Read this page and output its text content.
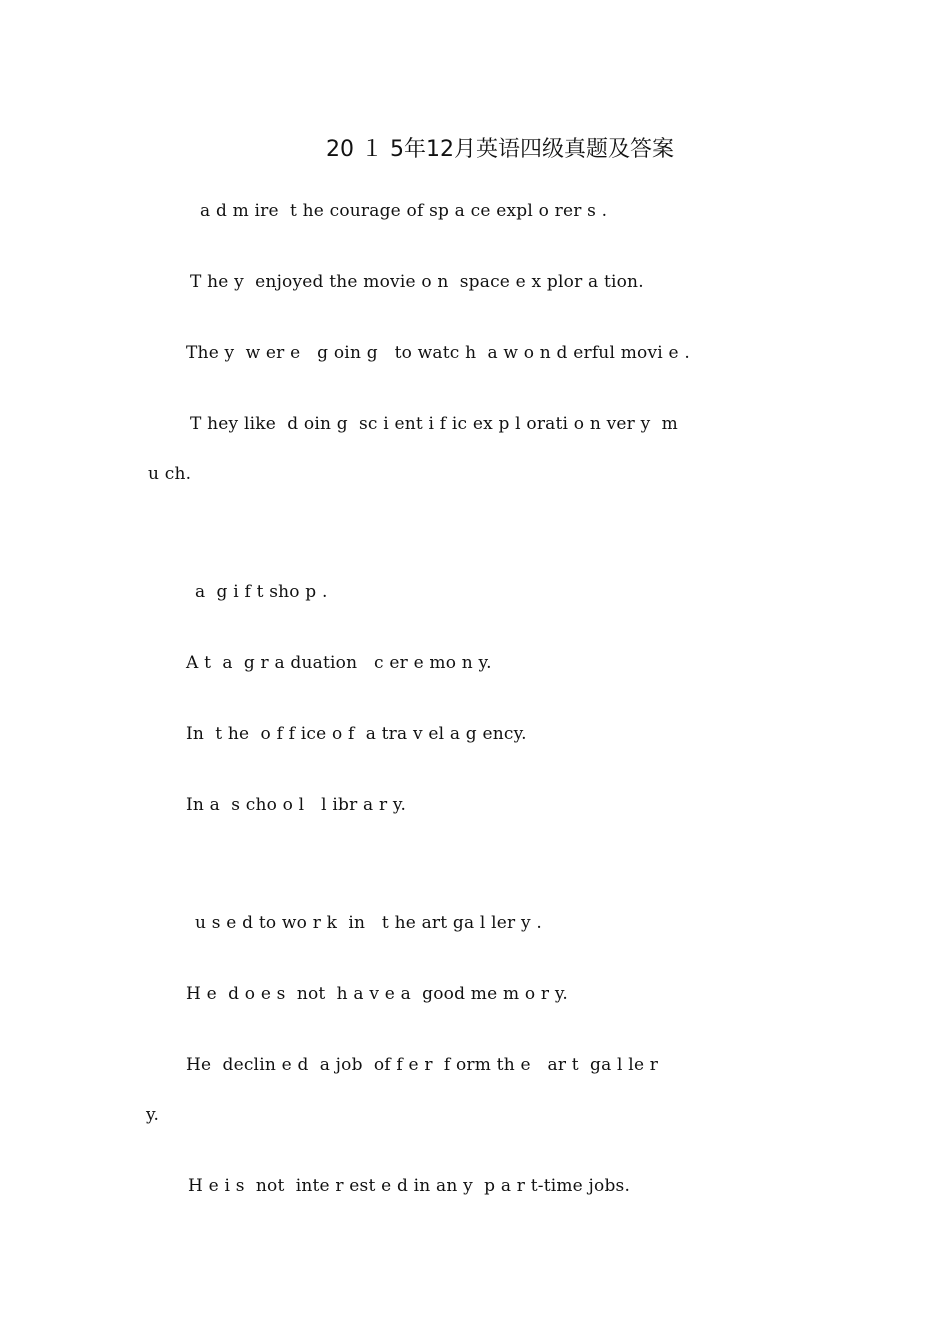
20 １ 5年12月英语四级真题及答案
a d m ire  t he courage of sp a ce expl o rer s .
T he y  enjoyed the movie o n  space e x plor a tion.
The y  w er e   g oin g   to watc h  a w o n d erful movi e .
T hey like  d oin g  sc i ent i f ic ex p l orati o n ver y  m
u ch.
a  g i f t sho p .
A t  a  g r a duation   c er e mo n y.
In  t he  o f f ice o f  a tra v el a g ency.
In a  s cho o l   l ibr a r y.
u s e d to wo r k  in   t he art ga l ler y .
H e  d o e s  not  h a v e a  good me m o r y.
He  declin e d  a job  of f e r  f orm th e   ar t  ga l le r
y.
H e i s  not  inte r est e d in an y  p a r t-time jobs.
